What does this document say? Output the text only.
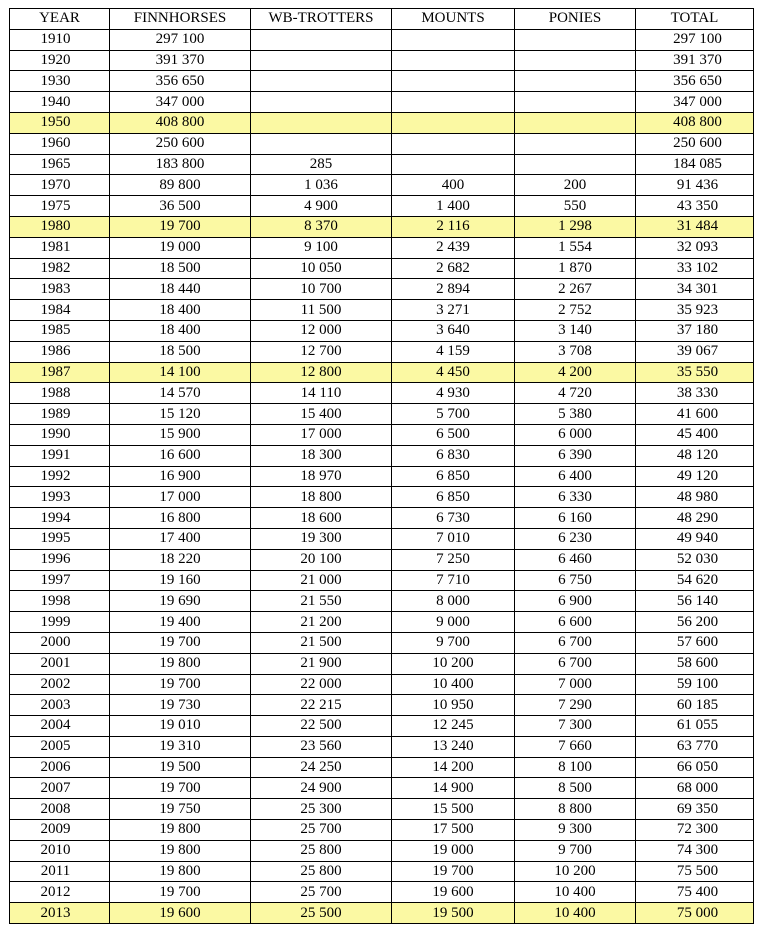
YEAR	FINNHORSES	WB-TROTTERS	MOUNTS	PONIES	TOTAL
1910	297 100				297 100
1920	391 370				391 370
1930	356 650				356 650
1940	347 000				347 000
1950	408 800				408 800
1960	250 600				250 600
1965	183 800	285			184 085
1970	89 800	1 036	400	200	91 436
1975	36 500	4 900	1 400	550	43 350
1980	19 700	8 370	2 116	1 298	31 484
1981	19 000	9 100	2 439	1 554	32 093
1982	18 500	10 050	2 682	1 870	33 102
1983	18 440	10 700	2 894	2 267	34 301
1984	18 400	11 500	3 271	2 752	35 923
1985	18 400	12 000	3 640	3 140	37 180
1986	18 500	12 700	4 159	3 708	39 067
1987	14 100	12 800	4 450	4 200	35 550
1988	14 570	14 110	4 930	4 720	38 330
1989	15 120	15 400	5 700	5 380	41 600
1990	15 900	17 000	6 500	6 000	45 400
1991	16 600	18 300	6 830	6 390	48 120
1992	16 900	18 970	6 850	6 400	49 120
1993	17 000	18 800	6 850	6 330	48 980
1994	16 800	18 600	6 730	6 160	48 290
1995	17 400	19 300	7 010	6 230	49 940
1996	18 220	20 100	7 250	6 460	52 030
1997	19 160	21 000	7 710	6 750	54 620
1998	19 690	21 550	8 000	6 900	56 140
1999	19 400	21 200	9 000	6 600	56 200
2000	19 700	21 500	9 700	6 700	57 600
2001	19 800	21 900	10 200	6 700	58 600
2002	19 700	22 000	10 400	7 000	59 100
2003	19 730	22 215	10 950	7 290	60 185
2004	19 010	22 500	12 245	7 300	61 055
2005	19 310	23 560	13 240	7 660	63 770
2006	19 500	24 250	14 200	8 100	66 050
2007	19 700	24 900	14 900	8 500	68 000
2008	19 750	25 300	15 500	8 800	69 350
2009	19 800	25 700	17 500	9 300	72 300
2010	19 800	25 800	19 000	9 700	74 300
2011	19 800	25 800	19 700	10 200	75 500
2012	19 700	25 700	19 600	10 400	75 400
2013	19 600	25 500	19 500	10 400	75 000
